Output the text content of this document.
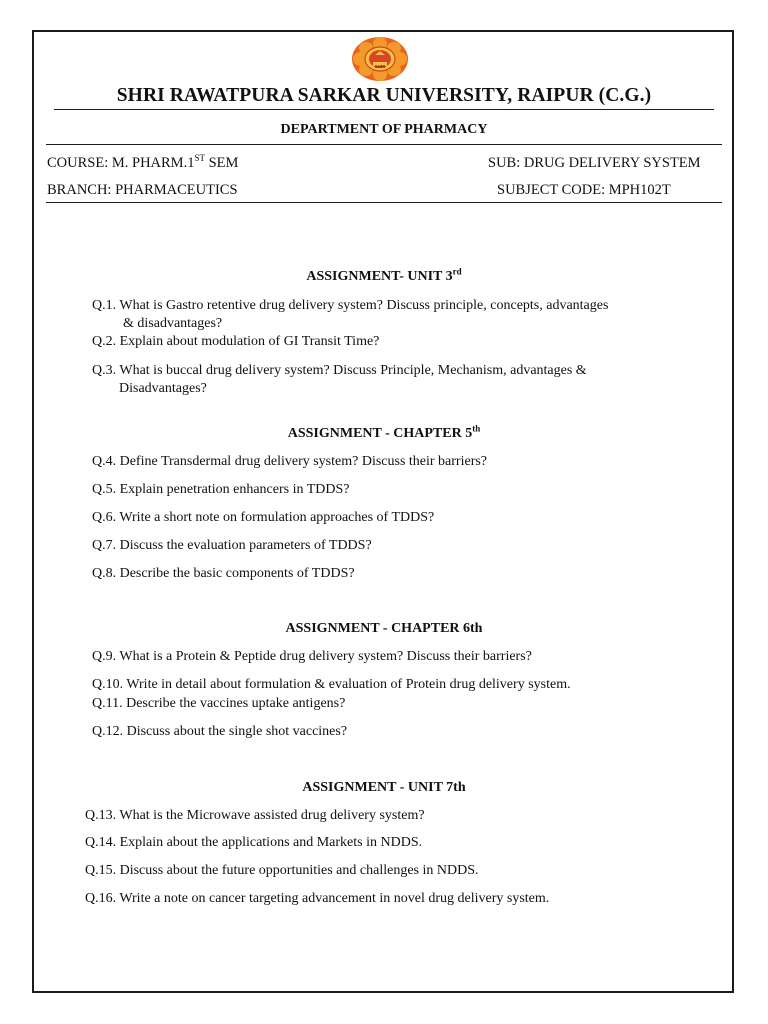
SHRI
SHRI RAWATPURA SARKAR UNIVERSITY, RAIPUR (C.G.)
DEPARTMENT OF PHARMACY
COURSE: M. PHARM.1ST SEM	SUB: DRUG DELIVERY SYSTEM
BRANCH: PHARMACEUTICS	SUBJECT CODE: MPH102T
ASSIGNMENT- UNIT 3rd
Q.1. What is Gastro retentive drug delivery system? Discuss principle, concepts, advantages
& disadvantages?
Q.2. Explain about modulation of GI Transit Time?
Q.3. What is buccal drug delivery system? Discuss Principle, Mechanism, advantages &
Disadvantages?
ASSIGNMENT - CHAPTER 5th
Q.4. Define Transdermal drug delivery system? Discuss their barriers?
Q.5. Explain penetration enhancers in TDDS?
Q.6. Write a short note on formulation approaches of TDDS?
Q.7. Discuss the evaluation parameters of TDDS?
Q.8. Describe the basic components of TDDS?
ASSIGNMENT - CHAPTER 6th
Q.9. What is a Protein & Peptide drug delivery system? Discuss their barriers?
Q.10. Write in detail about formulation & evaluation of Protein drug delivery system.
Q.11. Describe the vaccines uptake antigens?
Q.12. Discuss about the single shot vaccines?
ASSIGNMENT - UNIT 7th
Q.13. What is the Microwave assisted drug delivery system?
Q.14. Explain about the applications and Markets in NDDS.
Q.15. Discuss about the future opportunities and challenges in NDDS.
Q.16. Write a note on cancer targeting advancement in novel drug delivery system.
